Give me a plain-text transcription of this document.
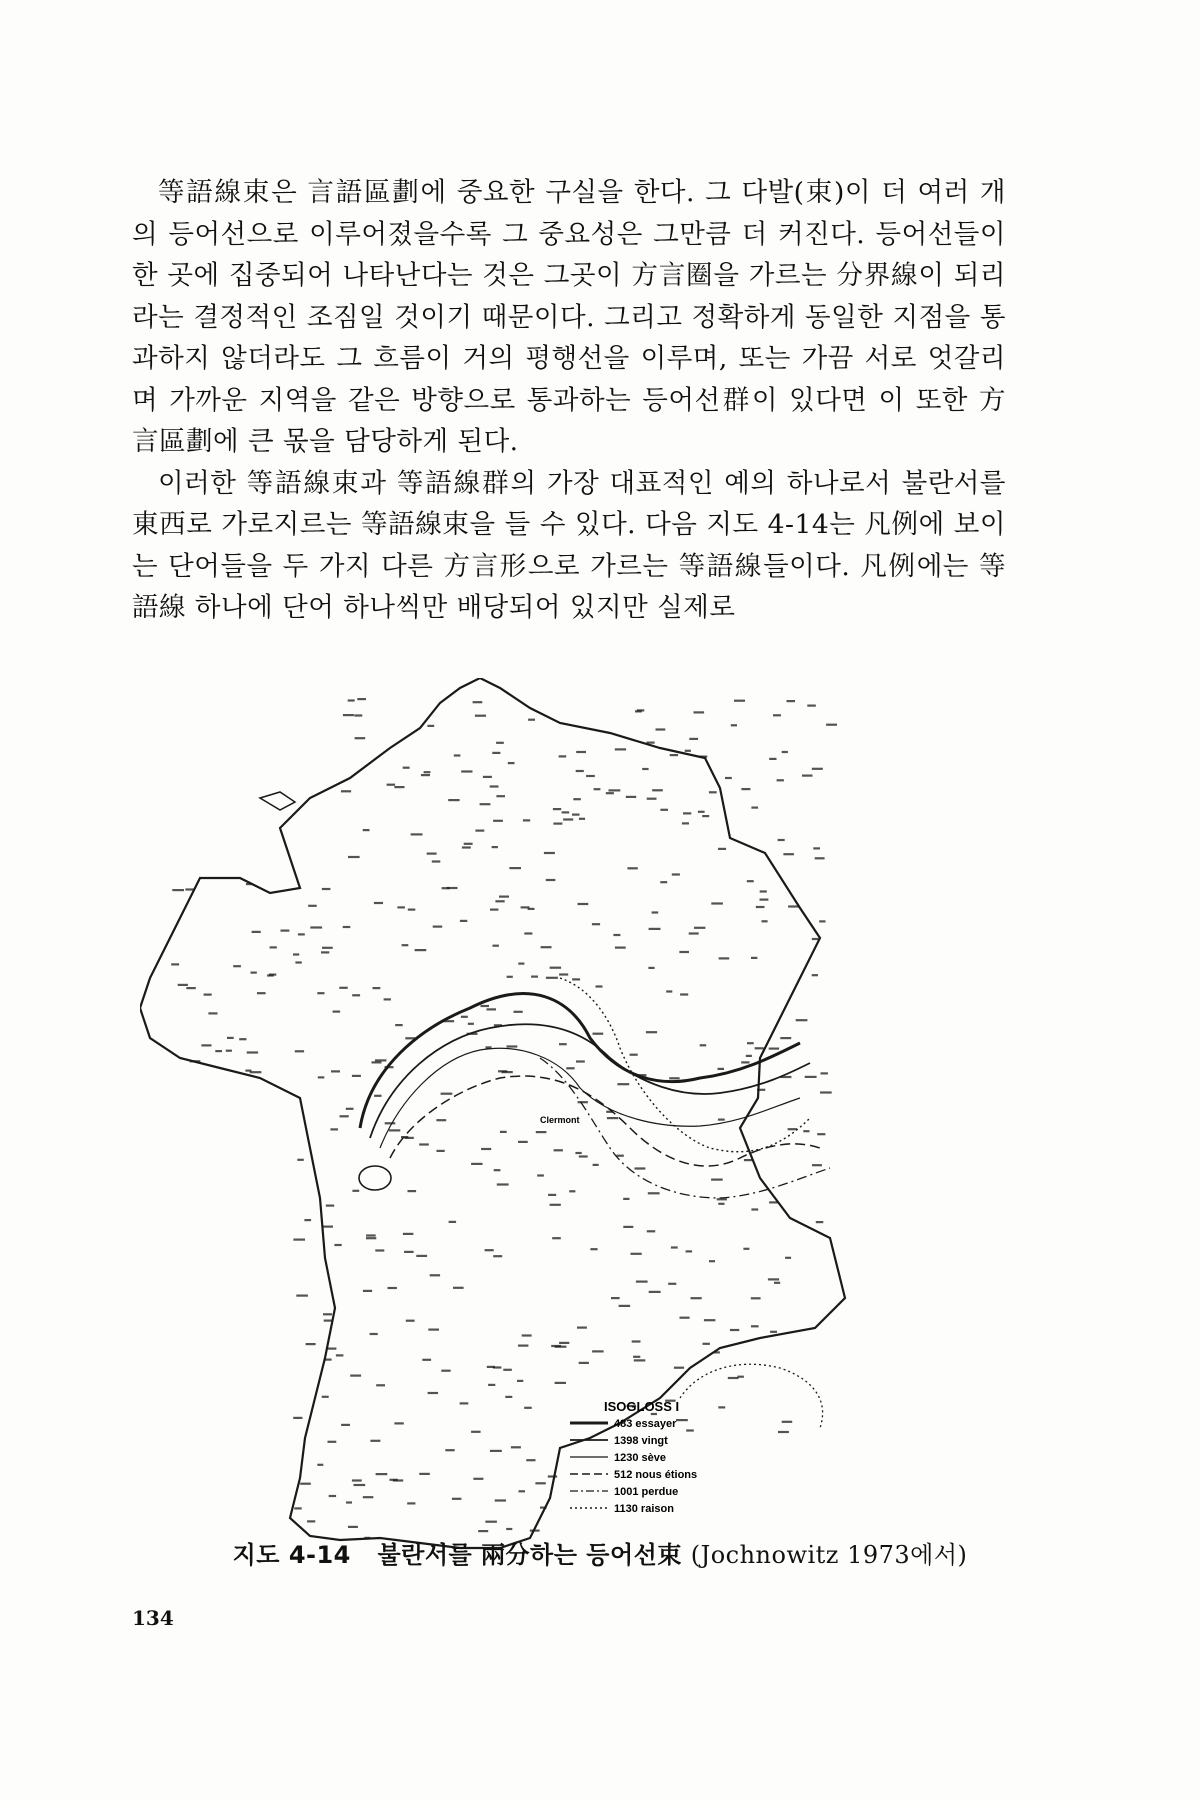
等語線束은 言語區劃에 중요한 구실을 한다. 그 다발(束)이 더 여러 개의 등어선으로 이루어졌을수록 그 중요성은 그만큼 더 커진다. 등어선들이 한 곳에 집중되어 나타난다는 것은 그곳이 方言圈을 가르는 分界線이 되리라는 결정적인 조짐일 것이기 때문이다. 그리고 정확하게 동일한 지점을 통과하지 않더라도 그 흐름이 거의 평행선을 이루며, 또는 가끔 서로 엇갈리며 가까운 지역을 같은 방향으로 통과하는 등어선群이 있다면 이 또한 方言區劃에 큰 몫을 담당하게 된다.

이러한 等語線束과 等語線群의 가장 대표적인 예의 하나로서 불란서를 東西로 가로지르는 等語線束을 들 수 있다. 다음 지도 4-14는 凡例에 보이는 단어들을 두 가지 다른 方言形으로 가르는 等語線들이다. 凡例에는 等語線 하나에 단어 하나씩만 배당되어 있지만 실제로

Clermont
ISOGLOSS I
483 essayer
1398 vingt
1230 sève
512 nous étions
1001 perdue
1130 raison
지도 4-14 불란서를 兩分하는 등어선束 (Jochnowitz 1973에서)
134
